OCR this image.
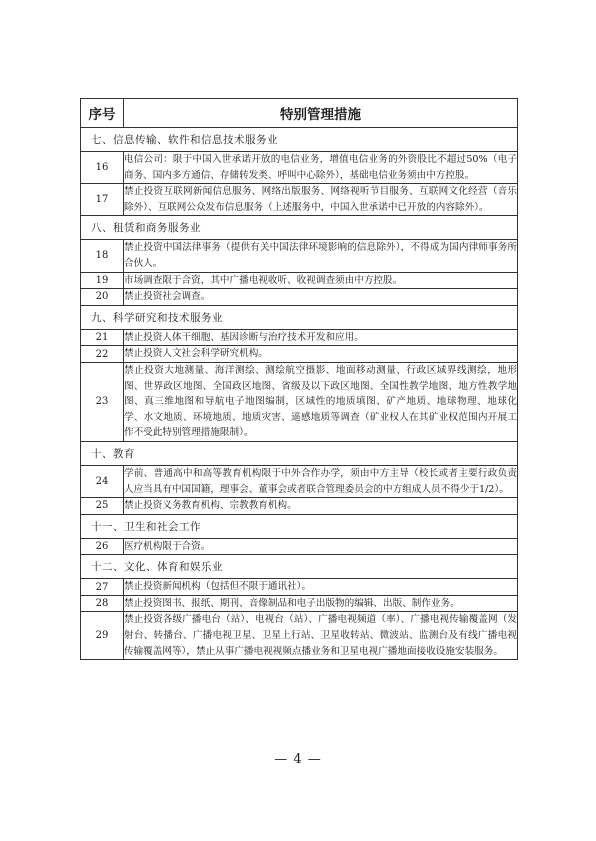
序号	特别管理措施
七、信息传输、软件和信息技术服务业	
16	电信公司：限于中国入世承诺开放的电信业务，增值电信业务的外资股比不超过50%（电子商务、国内多方通信、存储转发类、呼叫中心除外），基础电信业务须由中方控股。
17	禁止投资互联网新闻信息服务、网络出版服务、网络视听节目服务、互联网文化经营（音乐除外）、互联网公众发布信息服务（上述服务中，中国入世承诺中已开放的内容除外）。
八、租赁和商务服务业	
18	禁止投资中国法律事务（提供有关中国法律环境影响的信息除外），不得成为国内律师事务所合伙人。
19	市场调查限于合资，其中广播电视收听、收视调查须由中方控股。
20	禁止投资社会调查。
九、科学研究和技术服务业	
21	禁止投资人体干细胞、基因诊断与治疗技术开发和应用。
22	禁止投资人文社会科学研究机构。
23	禁止投资大地测量、海洋测绘、测绘航空摄影、地面移动测量、行政区域界线测绘，地形图、世界政区地图、全国政区地图、省级及以下政区地图、全国性教学地图、地方性教学地图、真三维地图和导航电子地图编制，区域性的地质填图、矿产地质、地球物理、地球化学、水文地质、环境地质、地质灾害、遥感地质等调查（矿业权人在其矿业权范围内开展工作不受此特别管理措施限制）。
十、教育	
24	学前、普通高中和高等教育机构限于中外合作办学，须由中方主导（校长或者主要行政负责人应当具有中国国籍，理事会、董事会或者联合管理委员会的中方组成人员不得少于1/2）。
25	禁止投资义务教育机构、宗教教育机构。
十一、卫生和社会工作	
26	医疗机构限于合资。
十二、文化、体育和娱乐业	
27	禁止投资新闻机构（包括但不限于通讯社）。
28	禁止投资图书、报纸、期刊、音像制品和电子出版物的编辑、出版、制作业务。
29	禁止投资各级广播电台（站）、电视台（站）、广播电视频道（率）、广播电视传输覆盖网（发射台、转播台、广播电视卫星、卫星上行站、卫星收转站、微波站、监测台及有线广播电视传输覆盖网等），禁止从事广播电视视频点播业务和卫星电视广播地面接收设施安装服务。
— 4 —
